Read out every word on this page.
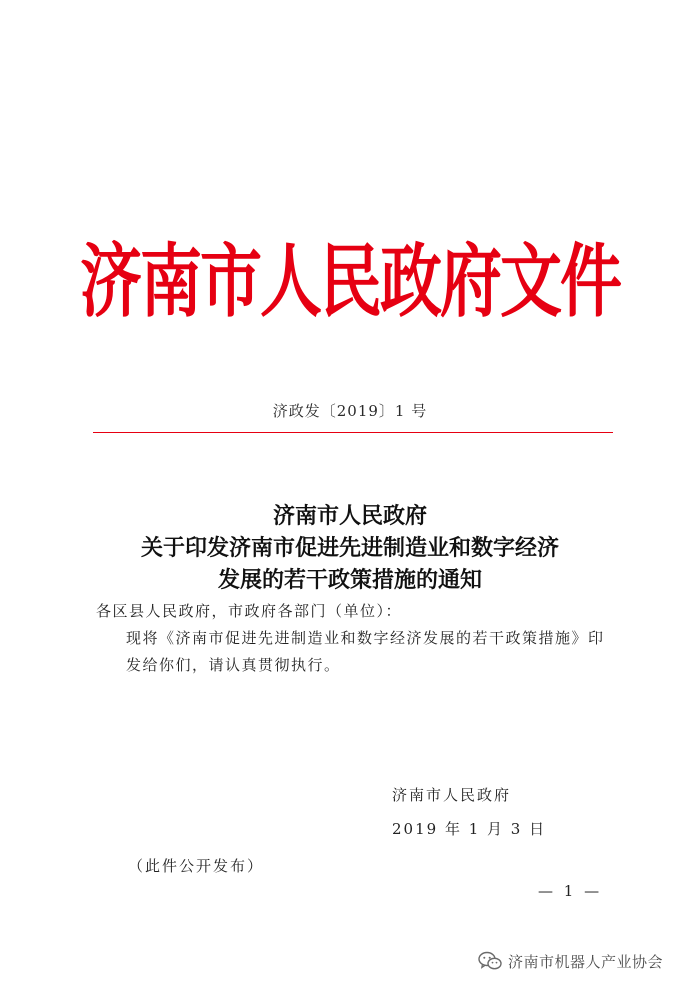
济南市人民政府文件
济政发〔2019〕1 号
济南市人民政府
关于印发济南市促进先进制造业和数字经济
发展的若干政策措施的通知
各区县人民政府，市政府各部门（单位）：
现将《济南市促进先进制造业和数字经济发展的若干政策措施》印发给你们，请认真贯彻执行。
济南市人民政府
2019 年 1 月 3 日
（此件公开发布）
— 1 —
济南市机器人产业协会
